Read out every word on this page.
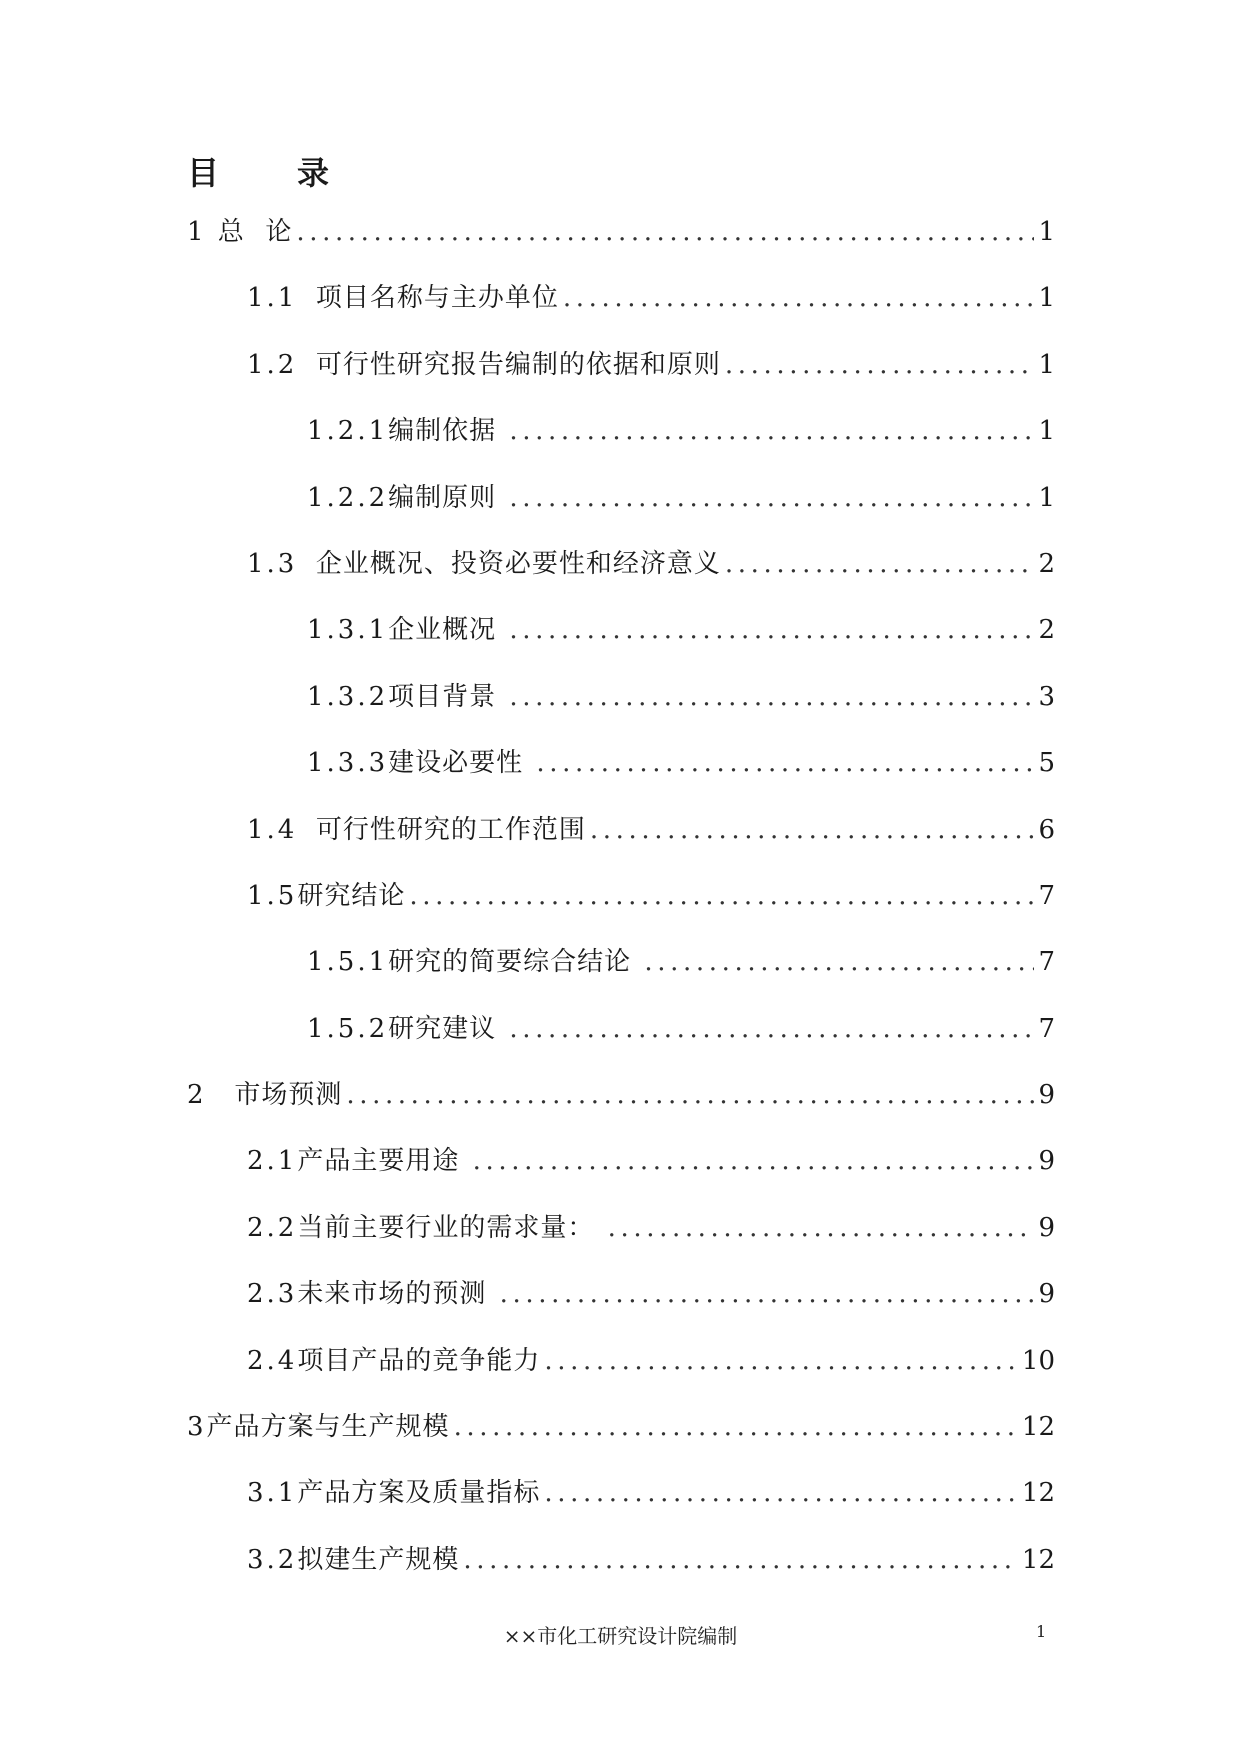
目 录
1 总 论 .....	1
1.1 项目名称与主办单位 .....	1
1.2 可行性研究报告编制的依据和原则 .....	1
1.2.1 编制依据 .....	1
1.2.2 编制原则 .....	1
1.3 企业概况、投资必要性和经济意义 .....	2
1.3.1 企业概况 .....	2
1.3.2 项目背景 .....	3
1.3.3 建设必要性 .....	5
1.4 可行性研究的工作范围 .....	6
1.5 研究结论 .....	7
1.5.1 研究的简要综合结论 .....	7
1.5.2 研究建议 .....	7
2 市场预测 .....	9
2.1 产品主要用途 .....	9
2.2 当前主要行业的需求量： .....	9
2.3 未来市场的预测 .....	9
2.4 项目产品的竞争能力 .....	10
3 产品方案与生产规模 .....	12
3.1 产品方案及质量指标 .....	12
3.2 拟建生产规模 .....	12
××市化工研究设计院编制	1
